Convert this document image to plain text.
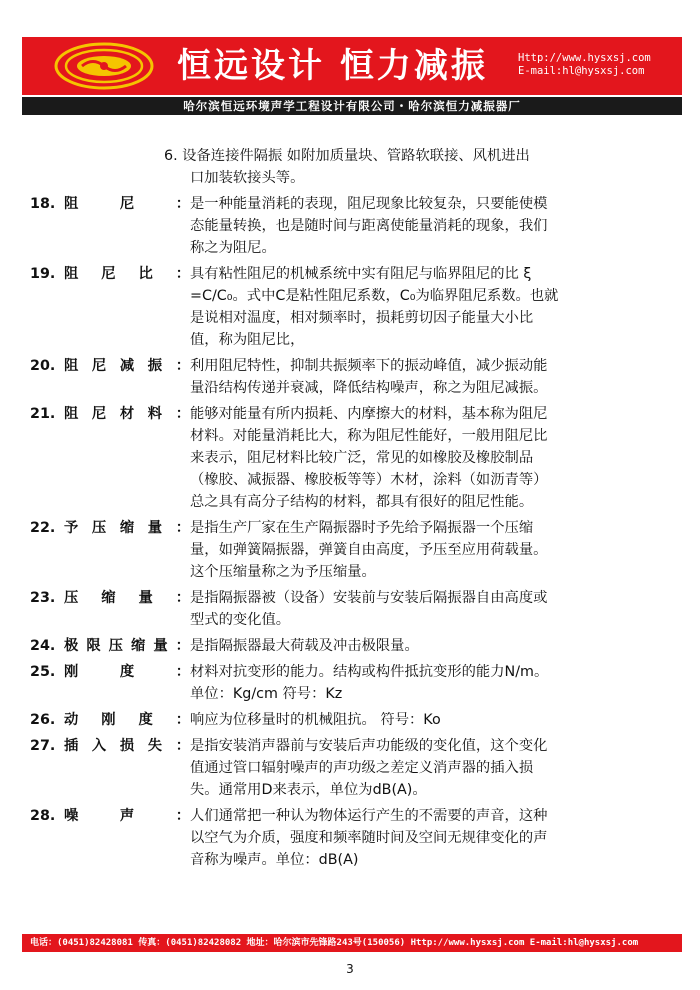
恒远设计 恒力减振	Http://www.hysxsj.com
E-mail:hl@hysxsj.com
哈尔滨恒远环境声学工程设计有限公司・哈尔滨恒力减振器厂
6. 设备连接件隔振 如附加质量块、管路软联接、风机进出
口加装软接头等。
18. 阻	尼	： 是一种能量消耗的表现，阻尼现象比较复杂，只要能使模
态能量转换，也是随时间与距离使能量消耗的现象，我们
称之为阻尼。
19. 阻 尼 比 ： 具有粘性阻尼的机械系统中实有阻尼与临界阻尼的比 ξ
=C/C₀。式中C是粘性阻尼系数，C₀为临界阻尼系数。也就
是说相对温度，相对频率时，损耗剪切因子能量大小比
值，称为阻尼比，
20. 阻 尼 减 振 ： 利用阻尼特性，抑制共振频率下的振动峰值，减少振动能
量沿结构传递并衰减，降低结构噪声，称之为阻尼减振。
21. 阻 尼 材 料 ： 能够对能量有所内损耗、内摩擦大的材料，基本称为阻尼
材料。对能量消耗比大，称为阻尼性能好，一般用阻尼比
来表示，阻尼材料比较广泛，常见的如橡胶及橡胶制品
（橡胶、减振器、橡胶板等等）木材，涂料（如沥青等）
总之具有高分子结构的材料，都具有很好的阻尼性能。
22. 予 压 缩 量 ： 是指生产厂家在生产隔振器时予先给予隔振器一个压缩
量，如弹簧隔振器，弹簧自由高度，予压至应用荷载量。
这个压缩量称之为予压缩量。
23. 压 缩 量 ： 是指隔振器被（设备）安装前与安装后隔振器自由高度或
型式的变化值。
24. 极 限 压 缩 量 ： 是指隔振器最大荷载及冲击极限量。
25. 刚	度	： 材料对抗变形的能力。结构或构件抵抗变形的能力N/m。
单位：Kg/cm 符号：Kz
26. 动 刚 度 ： 响应为位移量时的机械阻抗。 符号：Ko
27. 插 入 损 失 ： 是指安装消声器前与安装后声功能级的变化值，这个变化
值通过管口辐射噪声的声功级之差定义消声器的插入损
失。通常用D来表示，单位为dB(A)。
28. 噪	声	： 人们通常把一种认为物体运行产生的不需要的声音，这种
以空气为介质，强度和频率随时间及空间无规律变化的声
音称为噪声。单位：dB(A)
电话：(0451)82428081 传真：(0451)82428082 地址：哈尔滨市先锋路243号(150056) Http://www.hysxsj.com E-mail:hl@hysxsj.com
3
